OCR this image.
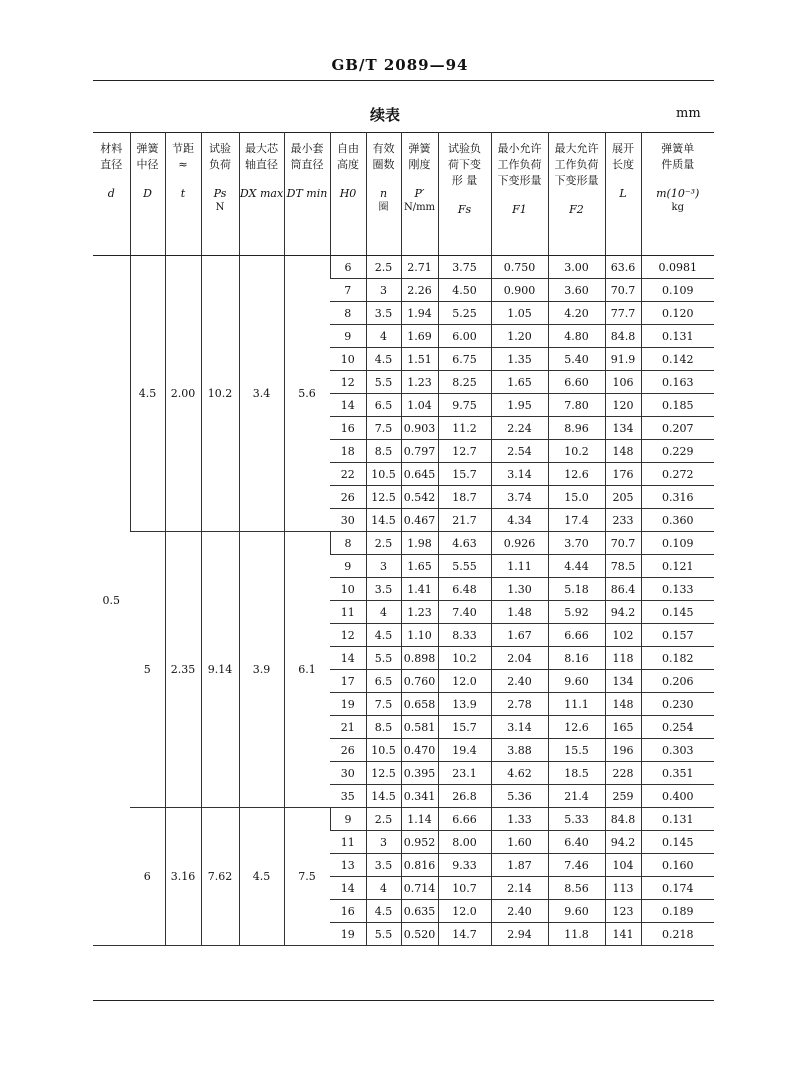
GB/T 2089—94
续表	mm
材料
直径
d	弹簧
中径
D	节距
≈
t	试验
负荷
Ps
N	最大芯
轴直径
DX max	最小套
筒直径
DT min	自由
高度
H0	有效
圈数
n
圈	弹簧
刚度
P′
N/mm	试验负
荷下变
形 量
Fs	最小允许
工作负荷
下变形量
F1	最大允许
工作负荷
下变形量
F2	展开
长度
L	弹簧单
件质量
m(10⁻³)
kg

0.5	4.5	2.00	10.2	3.4	5.6	6	2.5	2.71	3.75	0.750	3.00	63.6	0.0981
						7	3	2.26	4.50	0.900	3.60	70.7	0.109
						8	3.5	1.94	5.25	1.05	4.20	77.7	0.120
						9	4	1.69	6.00	1.20	4.80	84.8	0.131
						10	4.5	1.51	6.75	1.35	5.40	91.9	0.142
						12	5.5	1.23	8.25	1.65	6.60	106	0.163
						14	6.5	1.04	9.75	1.95	7.80	120	0.185
						16	7.5	0.903	11.2	2.24	8.96	134	0.207
						18	8.5	0.797	12.7	2.54	10.2	148	0.229
						22	10.5	0.645	15.7	3.14	12.6	176	0.272
						26	12.5	0.542	18.7	3.74	15.0	205	0.316
						30	14.5	0.467	21.7	4.34	17.4	233	0.360
	5	2.35	9.14	3.9	6.1	8	2.5	1.98	4.63	0.926	3.70	70.7	0.109
						9	3	1.65	5.55	1.11	4.44	78.5	0.121
						10	3.5	1.41	6.48	1.30	5.18	86.4	0.133
						11	4	1.23	7.40	1.48	5.92	94.2	0.145
						12	4.5	1.10	8.33	1.67	6.66	102	0.157
						14	5.5	0.898	10.2	2.04	8.16	118	0.182
						17	6.5	0.760	12.0	2.40	9.60	134	0.206
						19	7.5	0.658	13.9	2.78	11.1	148	0.230
						21	8.5	0.581	15.7	3.14	12.6	165	0.254
						26	10.5	0.470	19.4	3.88	15.5	196	0.303
						30	12.5	0.395	23.1	4.62	18.5	228	0.351
						35	14.5	0.341	26.8	5.36	21.4	259	0.400
	6	3.16	7.62	4.5	7.5	9	2.5	1.14	6.66	1.33	5.33	84.8	0.131
						11	3	0.952	8.00	1.60	6.40	94.2	0.145
						13	3.5	0.816	9.33	1.87	7.46	104	0.160
						14	4	0.714	10.7	2.14	8.56	113	0.174
						16	4.5	0.635	12.0	2.40	9.60	123	0.189
						19	5.5	0.520	14.7	2.94	11.8	141	0.218
